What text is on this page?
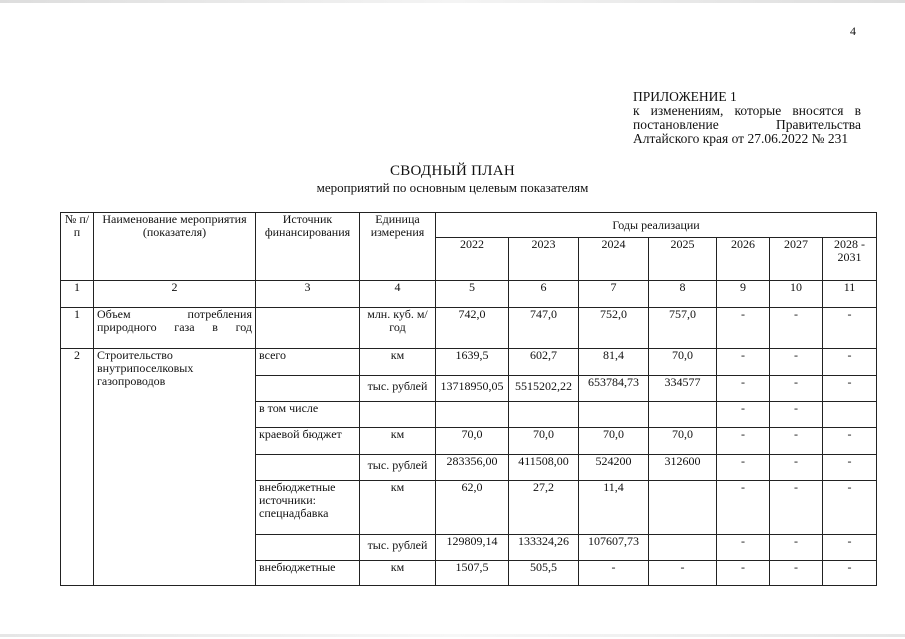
4
ПРИЛОЖЕНИЕ 1
к изменениям, которые вносятся в постановление Правительства Алтайского края от 27.06.2022 № 231
СВОДНЫЙ ПЛАН
мероприятий по основным целевым показателям
№ п/п	Наименование мероприятия (показателя)	Источник финансирования	Единица измерения	Годы реализации						
				2022	2023	2024	2025	2026	2027	2028 - 2031
1	2	3	4	5	6	7	8	9	10	11
1	Объем потребления природного газа в год		млн. куб. м/год	742,0	747,0	752,0	757,0	-	-	-
2	Строительство внутрипоселковых газопроводов	всего	км	1639,5	602,7	81,4	70,0	-	-	-
			тыс. рублей	13718950,05	5515202,22	653784,73	334577	-	-	-
		в том числе						-	-	
		краевой бюджет	км	70,0	70,0	70,0	70,0	-	-	-
			тыс. рублей	283356,00	411508,00	524200	312600	-	-	-
		внебюджетные источники: спецнадбавка	км	62,0	27,2	11,4		-	-	-
			тыс. рублей	129809,14	133324,26	107607,73		-	-	-
		внебюджетные	км	1507,5	505,5	-	-	-	-	-
